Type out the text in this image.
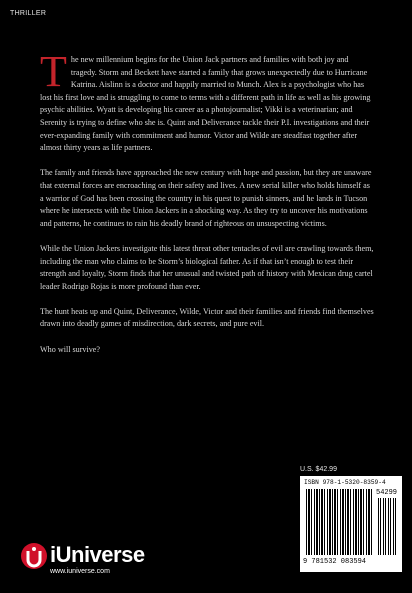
THRILLER

The new millennium begins for the Union Jack partners and families with both joy and tragedy. Storm and Beckett have started a family that grows unexpectedly due to Hurricane Katrina. Aislinn is a doctor and happily married to Munch. Alex is a psychologist who has lost his first love and is struggling to come to terms with a different path in life as well as his growing psychic abilities. Wyatt is developing his career as a photojournalist; Vikki is a veterinarian; and Serenity is trying to define who she is. Quint and Deliverance tackle their P.I. investigations and their ever-expanding family with commitment and humor. Victor and Wilde are steadfast together after almost thirty years as life partners.

The family and friends have approached the new century with hope and passion, but they are unaware that external forces are encroaching on their safety and lives. A new serial killer who holds himself as a warrior of God has been crossing the country in his quest to punish sinners, and he lands in Tucson where he intersects with the Union Jackers in a shocking way. As they try to uncover his motivations and patterns, he continues to rain his deadly brand of righteous on unsuspecting victims.

While the Union Jackers investigate this latest threat other tentacles of evil are crawling towards them, including the man who claims to be Storm’s biological father. As if that isn’t enough to test their strength and loyalty, Storm finds that her unusual and twisted path of history with Mexican drug cartel leader Rodrigo Rojas is more profound than ever.

The hunt heats up and Quint, Deliverance, Wilde, Victor and their families and friends find themselves drawn into deadly games of misdirection, dark secrets, and pure evil.

Who will survive?

U.S. $42.99
ISBN 978-1-5320-8359-4
54299
9 781532 083594
iUniverse
www.iuniverse.com
